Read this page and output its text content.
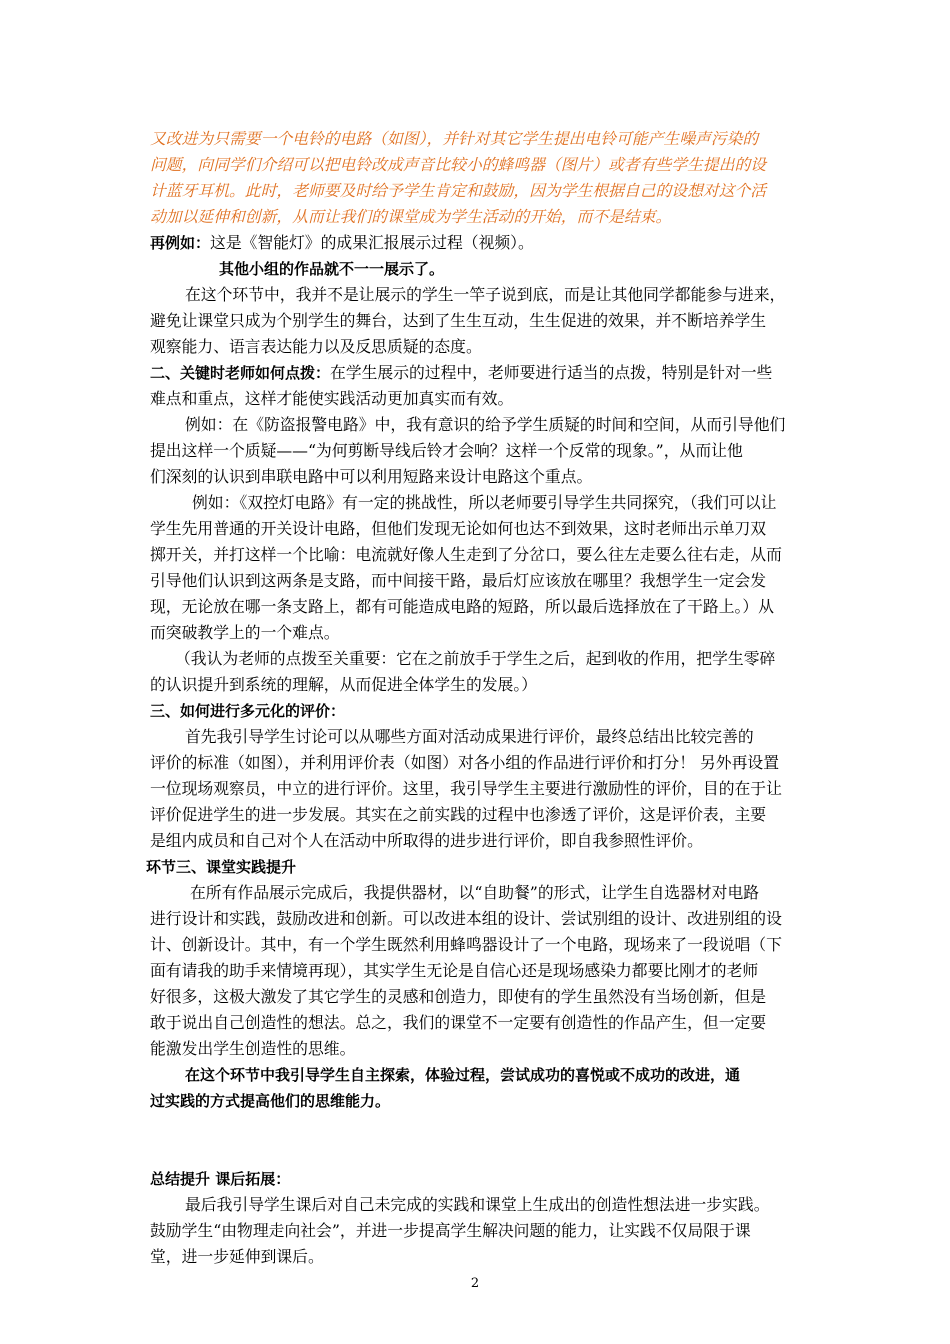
又改进为只需要一个电铃的电路（如图），并针对其它学生提出电铃可能产生噪声污染的
问题，向同学们介绍可以把电铃改成声音比较小的蜂鸣器（图片）或者有些学生提出的设
计蓝牙耳机。此时，老师要及时给予学生肯定和鼓励，因为学生根据自己的设想对这个活
动加以延伸和创新，从而让我们的课堂成为学生活动的开始，而不是结束。
再例如：这是《智能灯》的成果汇报展示过程（视频）。
其他小组的作品就不一一展示了。
在这个环节中，我并不是让展示的学生一竿子说到底，而是让其他同学都能参与进来，
避免让课堂只成为个别学生的舞台，达到了生生互动，生生促进的效果，并不断培养学生
观察能力、语言表达能力以及反思质疑的态度。
二、关键时老师如何点拨：在学生展示的过程中，老师要进行适当的点拨，特别是针对一些
难点和重点，这样才能使实践活动更加真实而有效。
例如：在《防盗报警电路》中，我有意识的给予学生质疑的时间和空间，从而引导他们
提出这样一个质疑——“为何剪断导线后铃才会响？这样一个反常的现象。”，从而让他
们深刻的认识到串联电路中可以利用短路来设计电路这个重点。
例如：《双控灯电路》有一定的挑战性，所以老师要引导学生共同探究，（我们可以让
学生先用普通的开关设计电路，但他们发现无论如何也达不到效果，这时老师出示单刀双
掷开关，并打这样一个比喻：电流就好像人生走到了分岔口，要么往左走要么往右走，从而
引导他们认识到这两条是支路，而中间接干路，最后灯应该放在哪里？我想学生一定会发
现，无论放在哪一条支路上，都有可能造成电路的短路，所以最后选择放在了干路上。）从
而突破教学上的一个难点。
（我认为老师的点拨至关重要：它在之前放手于学生之后，起到收的作用，把学生零碎
的认识提升到系统的理解，从而促进全体学生的发展。）
三、如何进行多元化的评价：
首先我引导学生讨论可以从哪些方面对活动成果进行评价，最终总结出比较完善的
评价的标准（如图），并利用评价表（如图）对各小组的作品进行评价和打分！ 另外再设置
一位现场观察员，中立的进行评价。这里，我引导学生主要进行激励性的评价，目的在于让
评价促进学生的进一步发展。其实在之前实践的过程中也渗透了评价，这是评价表，主要
是组内成员和自己对个人在活动中所取得的进步进行评价，即自我参照性评价。
环节三、课堂实践提升
在所有作品展示完成后，我提供器材，以“自助餐”的形式，让学生自选器材对电路
进行设计和实践，鼓励改进和创新。可以改进本组的设计、尝试别组的设计、改进别组的设
计、创新设计。其中，有一个学生既然利用蜂鸣器设计了一个电路，现场来了一段说唱（下
面有请我的助手来情境再现），其实学生无论是自信心还是现场感染力都要比刚才的老师
好很多，这极大激发了其它学生的灵感和创造力，即使有的学生虽然没有当场创新，但是
敢于说出自己创造性的想法。总之，我们的课堂不一定要有创造性的作品产生，但一定要
能激发出学生创造性的思维。
在这个环节中我引导学生自主探索，体验过程，尝试成功的喜悦或不成功的改进，通
过实践的方式提高他们的思维能力。
总结提升 课后拓展：
最后我引导学生课后对自己未完成的实践和课堂上生成出的创造性想法进一步实践。
鼓励学生“由物理走向社会”，并进一步提高学生解决问题的能力，让实践不仅局限于课
堂，进一步延伸到课后。
2
